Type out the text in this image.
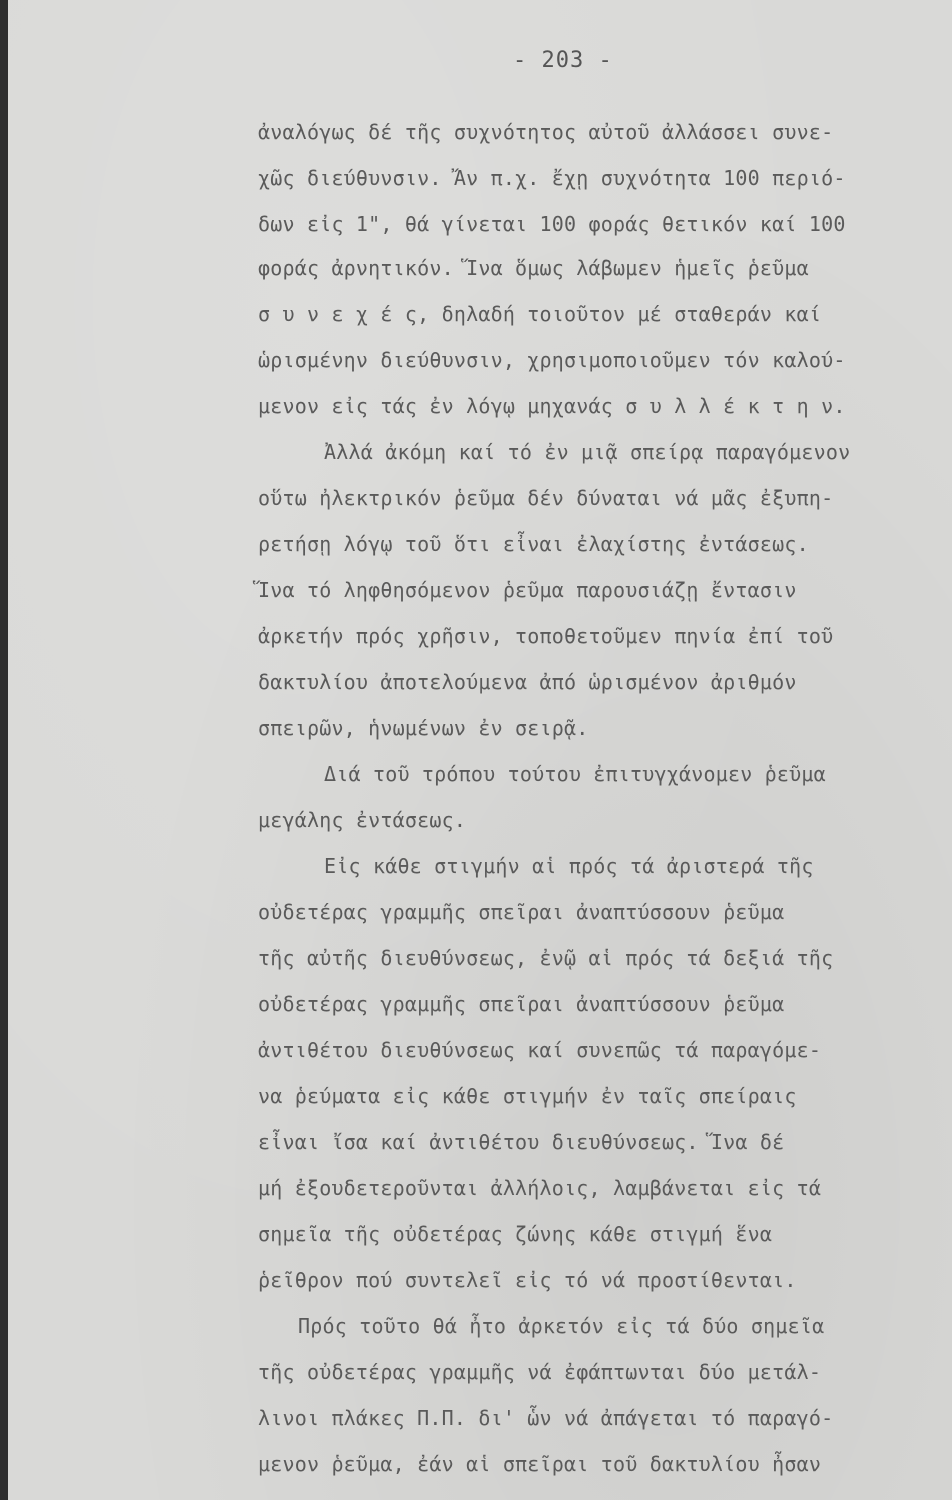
- 203 -
ἀναλόγως δέ τῆς συχνότητος αὐτοῦ ἀλλάσσει συνε-
χῶς διεύθυνσιν. Ἄν π.χ. ἔχῃ συχνότητα 100 περιό-
δων εἰς 1", θά γίνεται 100 φοράς θετικόν καί 100
φοράς ἀρνητικόν. Ἵνα ὅμως λάβωμεν ἡμεῖς ῥεῦμα
σ υ ν ε χ έ ς, δηλαδή τοιοῦτον μέ σταθεράν καί
ὡρισμένην διεύθυνσιν, χρησιμοποιοῦμεν τόν καλού-
μενον εἰς τάς ἐν λόγῳ μηχανάς σ υ λ λ έ κ τ η ν.
Ἀλλά ἀκόμη καί τό ἐν μιᾷ σπείρᾳ παραγόμενον
οὕτω ἠλεκτρικόν ῥεῦμα δέν δύναται νά μᾶς ἐξυπη-
ρετήσῃ λόγῳ τοῦ ὅτι εἶναι ἐλαχίστης ἐντάσεως.
Ἵνα τό ληφθησόμενον ῥεῦμα παρουσιάζῃ ἔντασιν
ἀρκετήν πρός χρῆσιν, τοποθετοῦμεν πηνία ἐπί τοῦ
δακτυλίου ἀποτελούμενα ἀπό ὡρισμένον ἀριθμόν
σπειρῶν, ἡνωμένων ἐν σειρᾷ.
Διά τοῦ τρόπου τούτου ἐπιτυγχάνομεν ῥεῦμα
μεγάλης ἐντάσεως.
Εἰς κάθε στιγμήν αἱ πρός τά ἀριστερά τῆς
οὐδετέρας γραμμῆς σπεῖραι ἀναπτύσσουν ῥεῦμα
τῆς αὐτῆς διευθύνσεως, ἐνῷ αἱ πρός τά δεξιά τῆς
οὐδετέρας γραμμῆς σπεῖραι ἀναπτύσσουν ῥεῦμα
ἀντιθέτου διευθύνσεως καί συνεπῶς τά παραγόμε-
να ῥεύματα εἰς κάθε στιγμήν ἐν ταῖς σπείραις
εἶναι ἴσα καί ἀντιθέτου διευθύνσεως. Ἵνα δέ
μή ἐξουδετεροῦνται ἀλλήλοις, λαμβάνεται εἰς τά
σημεῖα τῆς οὐδετέρας ζώνης κάθε στιγμή ἕνα
ῥεῖθρον πού συντελεῖ εἰς τό νά προστίθενται.
Πρός τοῦτο θά ἦτο ἀρκετόν εἰς τά δύο σημεῖα
τῆς οὐδετέρας γραμμῆς νά ἐφάπτωνται δύο μετάλ-
λινοι πλάκες Π.Π. δι' ὧν νά ἀπάγεται τό παραγό-
μενον ῥεῦμα, ἐάν αἱ σπεῖραι τοῦ δακτυλίου ἦσαν
